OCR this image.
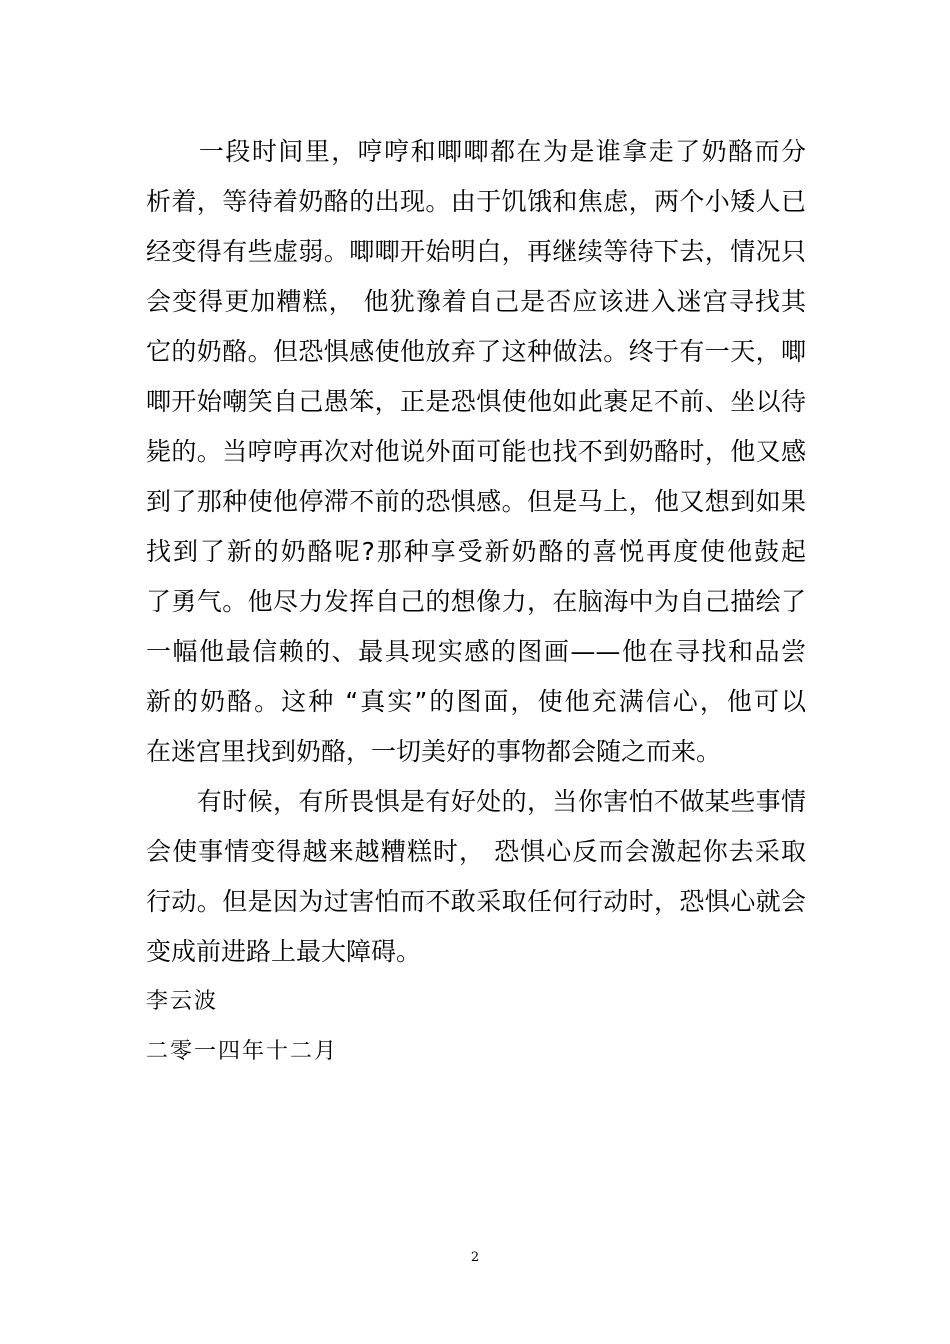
　　一段时间里，哼哼和唧唧都在为是谁拿走了奶酪而分
析着，等待着奶酪的出现。由于饥饿和焦虑，两个小矮人已
经变得有些虚弱。唧唧开始明白，再继续等待下去，情况只
会变得更加糟糕， 他犹豫着自己是否应该进入迷宫寻找其
它的奶酪。但恐惧感使他放弃了这种做法。终于有一天，唧
唧开始嘲笑自己愚笨，正是恐惧使他如此裹足不前、坐以待
毙的。当哼哼再次对他说外面可能也找不到奶酪时，他又感
到了那种使他停滞不前的恐惧感。但是马上，他又想到如果
找到了新的奶酪呢?那种享受新奶酪的喜悦再度使他鼓起
了勇气。他尽力发挥自己的想像力，在脑海中为自己描绘了
一幅他最信赖的、最具现实感的图画——他在寻找和品尝
新的奶酪。这种 “真实”的图面，使他充满信心，他可以
在迷宫里找到奶酪，一切美好的事物都会随之而来。
　　有时候，有所畏惧是有好处的，当你害怕不做某些事情
会使事情变得越来越糟糕时， 恐惧心反而会激起你去采取
行动。但是因为过害怕而不敢采取任何行动时，恐惧心就会
变成前进路上最大障碍。
李云波
二零一四年十二月
2
